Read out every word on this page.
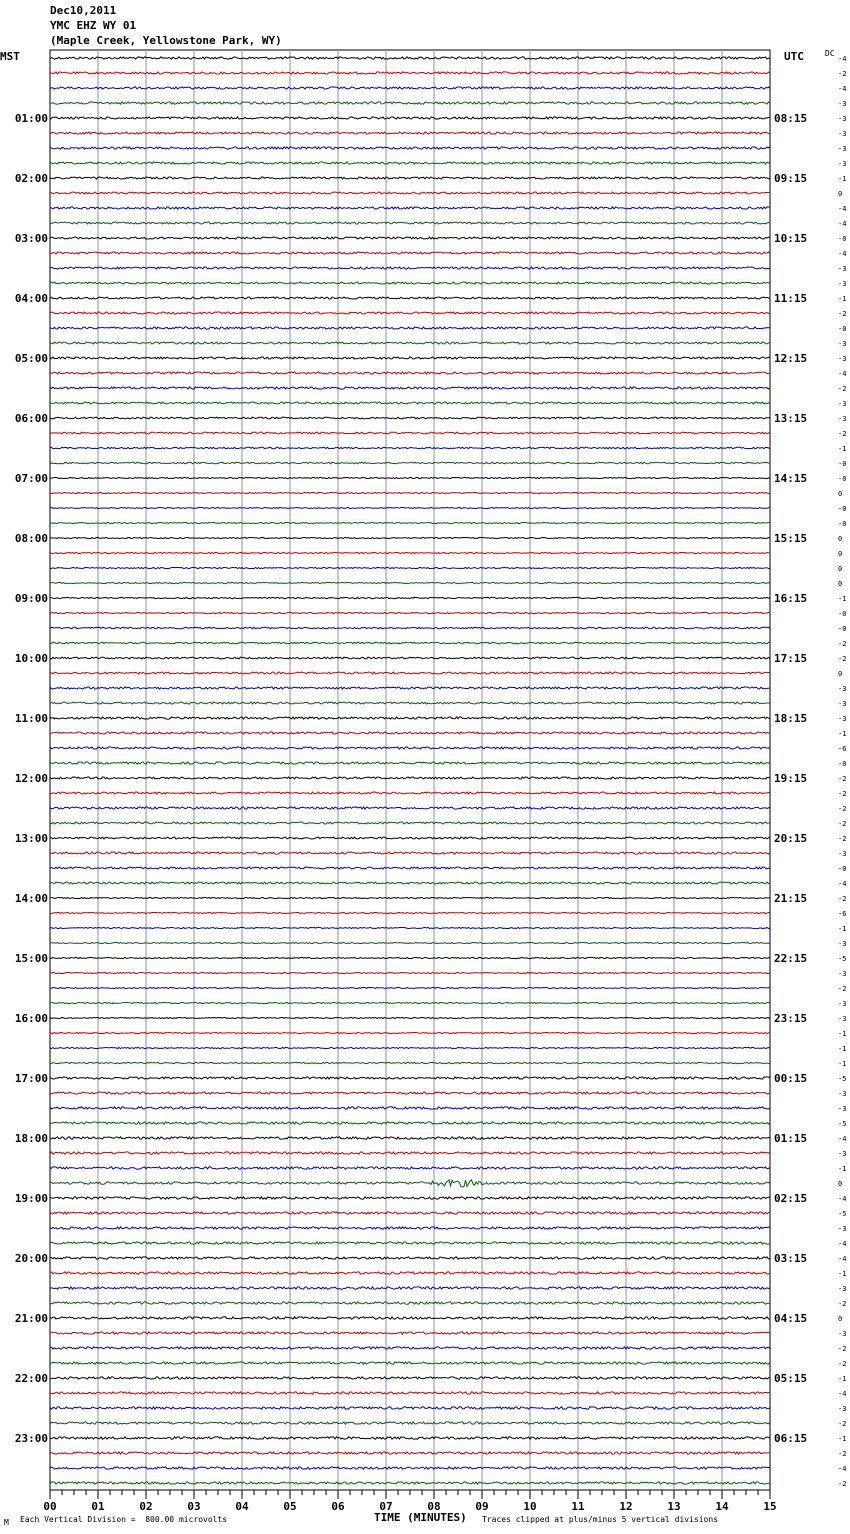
Dec10,2011
YMC EHZ WY 01
(Maple Creek, Yellowstone Park, WY)
MST	UTC	DC
01:00	08:15
02:00	09:15
03:00	10:15
04:00	11:15
05:00	12:15
06:00	13:15
07:00	14:15
08:00	15:15
09:00	16:15
10:00	17:15
11:00	18:15
12:00	19:15
13:00	20:15
14:00	21:15
15:00	22:15
16:00	23:15
17:00	00:15
18:00	01:15
19:00	02:15
20:00	03:15
21:00	04:15
22:00	05:15
23:00	06:15
-4
-2
-4
-3
-3
-3
-3
-3
-1
0
-4
-4
-0
-4
-3
-3
-1
-2
-0
-3
-3
-4
-2
-3
-3
-2
-1
-0
-0
0
-0
-0
0
0
0
0
-1
-0
-0
-2
-2
0
-3
-3
-3
-1
-6
-0
-2
-2
-2
-2
-2
-3
-0
-4
-2
-6
-1
-3
-5
-3
-2
-3
-3
-1
-1
-1
-5
-3
-3
-5
-4
-3
-1
0
-4
-5
-3
-4
-4
-1
-3
-2
0
-3
-2
-2
-1
-4
-3
-2
-1
-2
-4
-2
00	01	02	03	04	05	06	07	08	09	10	11	12	13	14	15
M Each Vertical Division =  800.00 microvolts	TIME (MINUTES) Traces clipped at plus/minus 5 vertical divisions
